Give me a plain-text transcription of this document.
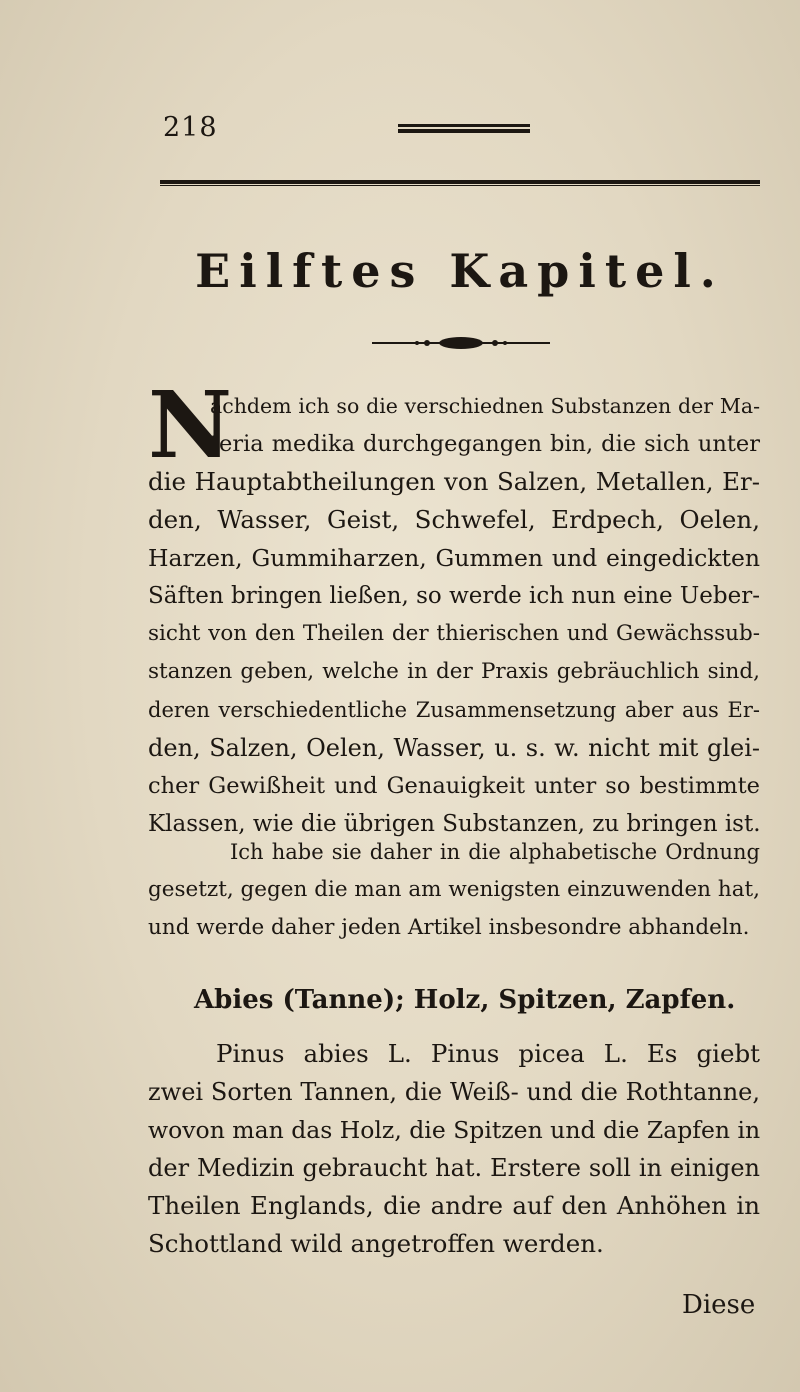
218
Eilftes Kapitel.
N
achdem ich so die verschiednen Substanzen der Ma-
teria medika durchgegangen bin, die sich unter
die Hauptabtheilungen von Salzen, Metallen, Er-
den, Wasser, Geist, Schwefel, Erdpech, Oelen,
Harzen, Gummiharzen, Gummen und eingedickten
Säften bringen ließen, so werde ich nun eine Ueber-
sicht von den Theilen der thierischen und Gewächssub-
stanzen geben, welche in der Praxis gebräuchlich sind,
deren verschiedentliche Zusammensetzung aber aus Er-
den, Salzen, Oelen, Wasser, u. s. w. nicht mit glei-
cher Gewißheit und Genauigkeit unter so bestimmte
Klassen, wie die übrigen Substanzen, zu bringen ist.
Ich habe sie daher in die alphabetische Ordnung
gesetzt, gegen die man am wenigsten einzuwenden hat,
und werde daher jeden Artikel insbesondre abhandeln.
Abies (Tanne); Holz, Spitzen, Zapfen.
Pinus abies L. Pinus picea L. Es giebt
zwei Sorten Tannen, die Weiß- und die Rothtanne,
wovon man das Holz, die Spitzen und die Zapfen in
der Medizin gebraucht hat. Erstere soll in einigen
Theilen Englands, die andre auf den Anhöhen in
Schottland wild angetroffen werden.
Diese
